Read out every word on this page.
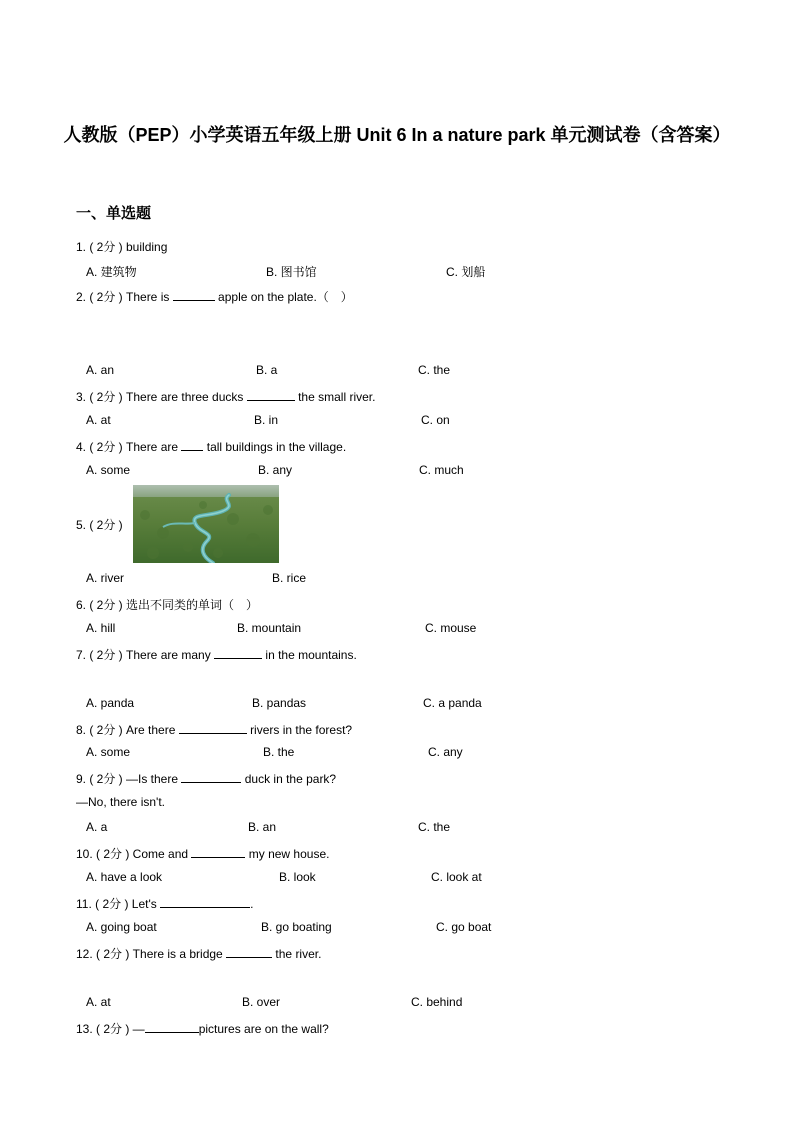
人教版（PEP）小学英语五年级上册 Unit 6 In a nature park 单元测试卷（含答案）
一、单选题
1. ( 2分 ) building
A. 建筑物	B. 图书馆	C. 划船
2. ( 2分 ) There is	apple on the plate.（　）
A. an	B. a	C. the
3. ( 2分 ) There are three ducks	the small river.
A. at	B. in	C. on
4. ( 2分 ) There are tall buildings in the village.
A. some	B. any	C. much
5. ( 2分 )
A. river	B. rice
6. ( 2分 ) 选出不同类的单词（　）
A. hill	B. mountain	C. mouse
7. ( 2分 ) There are many	in the mountains.
A. panda	B. pandas	C. a panda
8. ( 2分 ) Are there	rivers in the forest?
A. some	B. the	C. any
9. ( 2分 ) —Is there	duck in the park?
—No, there isn't.
A. a	B. an	C. the
10. ( 2分 ) Come and	my new house.
A. have a look	B. look	C. look at
11. ( 2分 ) Let's	.
A. going boat	B. go boating	C. go boat
12. ( 2分 ) There is a bridge	the river.
A. at	B. over	C. behind
13. ( 2分 ) —	pictures are on the wall?
